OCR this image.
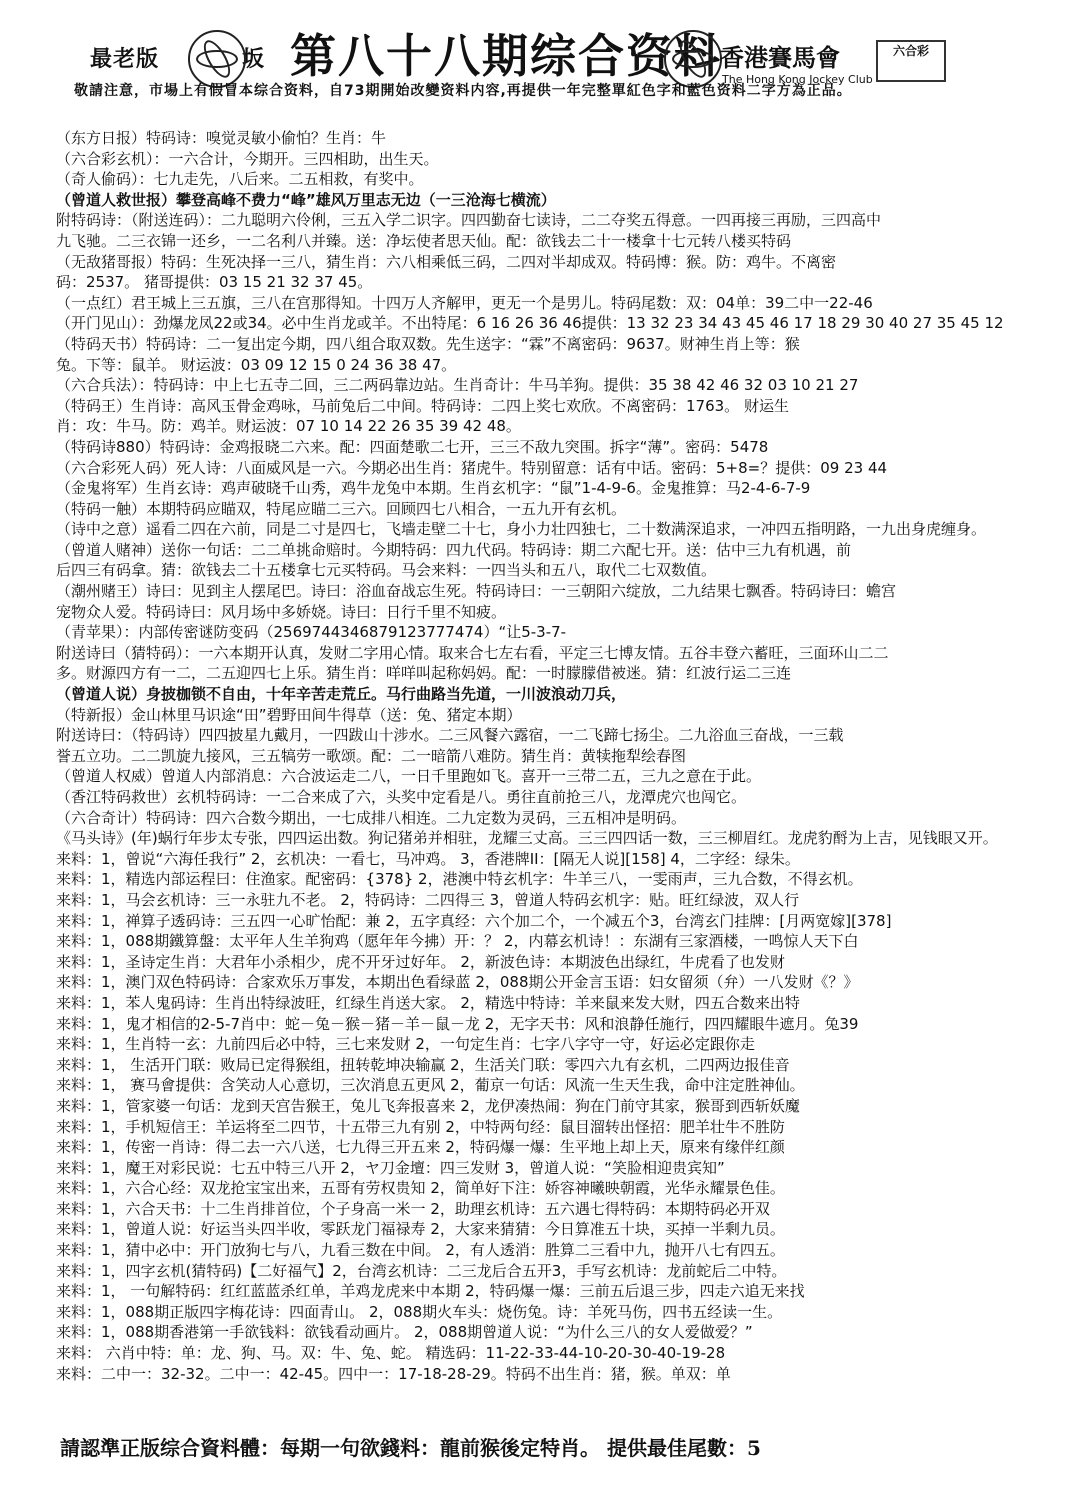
最老版	坂 第八十八期综合资料
香港賽馬會
The Hong Kong Jockey Club
六合彩
敬請注意，市場上有假冒本综合资料，自73期開始改變资料内容,再提供一年完整單紅色字和藍色资料二字方為正品。
（东方日报）特码诗：嗅觉灵敏小偷怕？生肖：牛
（六合彩玄机）：一六合计，今期开。三四相助，出生天。
（奇人偷码）：七九走先，八后来。二五相救，有奖中。
（曾道人救世报）攀登高峰不费力“峰”雄风万里志无边（一三沧海七横流）
附特码诗：（附送连码）：二九聪明六伶俐，三五入学二识字。四四勤奋七读诗，二二夺奖五得意。一四再接三再励，三四高中
九飞驰。二三衣锦一还乡，一二名利八并臻。送：净坛使者思天仙。配：欲钱去二十一楼拿十七元转八楼买特码
（无敌猪哥报）特码：生死决择一三八，猜生肖：六八相乘低三码，二四对半却成双。特码博：猴。防：鸡牛。不离密
码：2537。 猪哥提供：03 15 21 32 37 45。
（一点红）君王城上三五旗，三八在宫那得知。十四万人齐解甲，更无一个是男儿。特码尾数：双：04单：39二中一22-46
（开门见山）：劲爆龙凤22或34。必中生肖龙或羊。不出特尾：6 16 26 36 46提供：13 32 23 34 43 45 46 17 18 29 30 40 27 35 45 12
（特码天书）特码诗：二一复出定今期，四八组合取双数。先生送字：“霖”不离密码：9637。财神生肖上等：猴
兔。下等：鼠羊。 财运波：03 09 12 15 0 24 36 38 47。
（六合兵法）：特码诗：中上七五寺二回，三二两码靠边站。生肖奇计：牛马羊狗。提供：35 38 42 46 32 03 10 21 27
（特码王）生肖诗：高风玉骨金鸡咏，马前兔后二中间。特码诗：二四上奖七欢欣。不离密码：1763。 财运生
肖：攻：牛马。防：鸡羊。财运波：07 10 14 22 26 35 39 42 48。
（特码诗880）特码诗：金鸡报晓二六来。配：四面楚歌二七开，三三不敌九突围。拆字“薄”。密码：5478
（六合彩死人码）死人诗：八面威风是一六。今期必出生肖：猪虎牛。特别留意：话有中话。密码：5+8=？提供：09 23 44
（金鬼将军）生肖玄诗：鸡声破晓千山秀，鸡牛龙兔中本期。生肖玄机字：“鼠”1-4-9-6。金鬼推算：马2-4-6-7-9
（特码一触）本期特码应瞄双，特尾应瞄二三六。回顾四七八相合，一五九开有玄机。
（诗中之意）遥看二四在六前，同是二寸是四七，飞墙走壁二十七，身小力壮四独七，二十数满深追求，一冲四五指明路，一九出身虎缠身。
（曾道人赌神）送你一句话：二二单挑命赔时。今期特码：四九代码。特码诗：期二六配七开。送：估中三九有机遇，前
后四三有码拿。猜：欲钱去二十五楼拿七元买特码。马会来料：一四当头和五八，取代二七双数值。
（潮州赌王）诗曰：见到主人摆尾巴。诗曰：浴血奋战忘生死。特码诗曰：一三朝阳六绽放，二九结果七飘香。特码诗曰：蟾宫
宠物众人爱。特码诗曰：风月场中多娇娆。诗曰：日行千里不知疲。
（青苹果）：内部传密谜防变码（2569744346879123777474）“让5-3-7-
附送诗曰（猜特码）：一六本期开认真，发财二字用心情。取来合七左右看，平定三七博友情。五谷丰登六蓄旺，三面环山二二
多。财源四方有一二，二五迎四七上乐。猜生肖：咩咩叫起称妈妈。配：一时朦朦借被迷。猜：红波行运二三连
（曾道人说）身披枷锁不自由，十年辛苦走荒丘。马行曲路当先道，一川波浪动刀兵，
（特新报）金山林里马识途“田”碧野田间牛得草（送：兔、猪定本期）
附送诗曰：（特码诗）四四披星九戴月，一四跋山十涉水。二三风餐六露宿，一二飞蹄七扬尘。二九浴血三奋战，一三载
誉五立功。二二凯旋九接风，三五犒劳一歌颂。配：二一暗箭八难防。猜生肖：黄犊拖犁绘春图
（曾道人权威）曾道人内部消息：六合波运走二八，一日千里跑如飞。喜开一三带二五，三九之意在于此。
（香江特码救世）玄机特码诗：一二合来成了六，头奖中定看是八。勇往直前抢三八，龙潭虎穴也闯它。
（六合奇计）特码诗：四六合数今期出，一七成排八相连。二九定数为灵码，三五相冲是明码。
《马头诗》(年)蜗行年步太专张，四四运出数。狗记猪弟并相驻，龙耀三丈高。三三四四话一数，三三柳眉红。龙虎豹酹为上吉，见钱眼又开。
来料：1，曾说“六海任我行” 2，玄机决：一看七，马冲鸡。 3，香港牌II：[隔无人说][158] 4，二字经：绿朱。
来料：1，精选内部运程曰：住渔家。配密码：{378} 2，港澳中特玄机字：牛羊三八，一雯雨声，三九合数，不得玄机。
来料：1，马会玄机诗：三一永驻九不老。 2，特码诗：二四得三 3，曾道人特码玄机字：贴。旺红绿波，双人行
来料：1，禅算子透码诗：三五四一心旷怡配：兼 2，五字真经：六个加二个，一个减五个3，台湾玄门挂牌：[月两宽嫁][378]
来料：1，088期鐵算盤：太平年人生羊狗鸡（愿年年今拂）开：？ 2，内幕玄机诗！：东湖有三家酒楼，一鸣惊人天下白
来料：1，圣诗定生肖：大君年小杀相少，虎不开牙过好年。 2，新波色诗：本期波色出绿红，牛虎看了也发财
来料：1，澳门双色特码诗：合家欢乐万事发，本期出色看绿蓝 2，088期公开金言玉语：妇女留须（弁）一八发财《？》
来料：1，苯人鬼码诗：生肖出特绿波旺，红绿生肖送大家。 2，精选中特诗：羊来鼠来发大财，四五合数来出特
来料：1，鬼才相信的2-5-7肖中：蛇－兔－猴－猪－羊－鼠－龙 2，无字天书：风和浪静任施行，四四耀眼牛遮月。兔39
来料：1，生肖特一玄：九前四后必中特，三七来发财 2，一句定生肖：七字八字守一守，好运必定跟你走
来料：1， 生活开门联：败局已定得猴组，扭转乾坤决输赢 2，生活关门联：零四六九有玄机，二四两边报佳音
来料：1， 赛马會提供：含笑动人心意切，三次消息五更风 2，葡京一句话：风流一生天生我，命中注定胜神仙。
来料：1，管家婆一句话：龙到天宫告猴王，兔儿飞奔报喜来 2，龙伊凑热闹：狗在门前守其家，猴哥到西斩妖魔
来料：1，手机短信王：羊运将至二四节，十五带三九有别 2，中特两句经：鼠目溜转出怪招：肥羊壮牛不胜防
来料：1，传密一肖诗：得二去一六八送，七九得三开五来 2，特码爆一爆：生平地上却上天，原来有缘伴红颜
来料：1，魔王对彩民说：七五中特三八开 2，ヤ刀金壇：四三发财 3，曾道人说：“笑脸相迎贵宾知”
来料：1，六合心经：双龙抢宝宝出来，五哥有劳权贵知 2，简单好下注：娇容神曦映朝霞，光华永耀景色佳。
来料：1，六合天书：十二生肖排首位，个子身高一米一 2，助理玄机诗：五六遇七得特码：本期特码必开双
来料：1，曾道人说：好运当头四半收，零跃龙门福禄寿 2，大家来猜猜：今日算准五十块，买掉一半剩九员。
来料：1，猜中必中：开门放狗七与八，九看三数在中间。 2，有人透消：胜算二三看中九，抛开八七有四五。
来料：1，四字玄机(猜特码)【二好福气】2，台湾玄机诗：二三龙后合五开3，手写玄机诗：龙前蛇后二中特。
来料：1， 一句解特码：红红蓝蓝杀红单，羊鸡龙虎来中本期 2，特码爆一爆：三前五后退三步，四走六追无来找
来料：1，088期正版四字梅花诗：四面青山。 2，088期火车头：烧伤兔。诗：羊死马伤，四书五经读一生。
来料：1，088期香港第一手欲钱料：欲钱看动画片。 2，088期曾道人说：“为什么三八的女人爱做爱？”
来料： 六肖中特：单：龙、狗、马。双：牛、兔、蛇。 精选码：11-22-33-44-10-20-30-40-19-28
来料：二中一：32-32。二中一：42-45。四中一：17-18-28-29。特码不出生肖：猪，猴。单双：单
請認準正版综合資料體：每期一句欲錢料：龍前猴後定特肖。 提供最佳尾數：5
